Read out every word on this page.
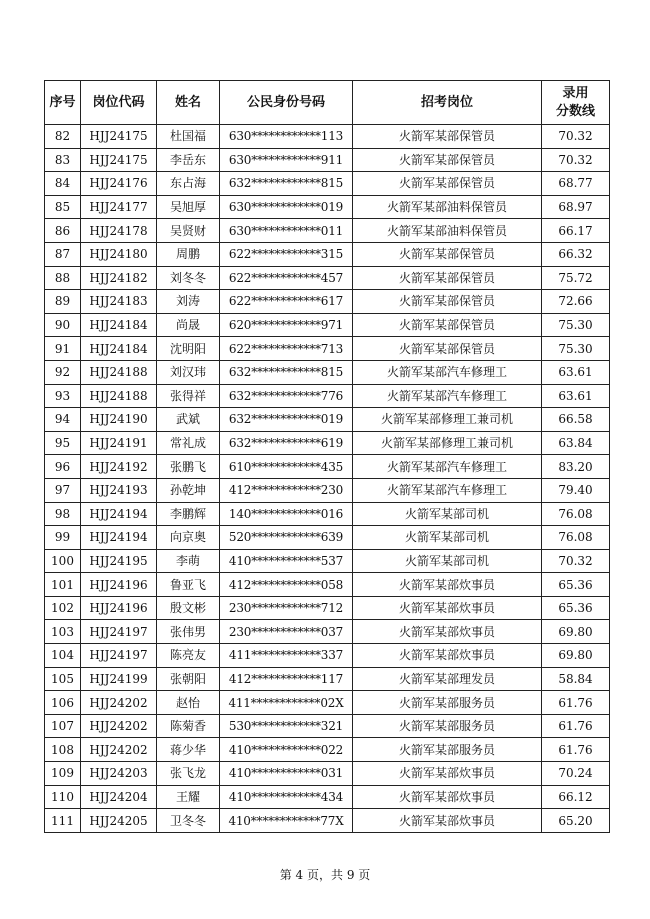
序号	岗位代码	姓名	公民身份号码	招考岗位	录用
分数线

82	HJJ24175	杜国福	630************113	火箭军某部保管员	70.32
83	HJJ24175	李岳东	630************911	火箭军某部保管员	70.32
84	HJJ24176	东占海	632************815	火箭军某部保管员	68.77
85	HJJ24177	吴旭厚	630************019	火箭军某部油料保管员	68.97
86	HJJ24178	吴贤财	630************011	火箭军某部油料保管员	66.17
87	HJJ24180	周鹏	622************315	火箭军某部保管员	66.32
88	HJJ24182	刘冬冬	622************457	火箭军某部保管员	75.72
89	HJJ24183	刘涛	622************617	火箭军某部保管员	72.66
90	HJJ24184	尚晟	620************971	火箭军某部保管员	75.30
91	HJJ24184	沈明阳	622************713	火箭军某部保管员	75.30
92	HJJ24188	刘汉玮	632************815	火箭军某部汽车修理工	63.61
93	HJJ24188	张得祥	632************776	火箭军某部汽车修理工	63.61
94	HJJ24190	武斌	632************019	火箭军某部修理工兼司机	66.58
95	HJJ24191	常礼成	632************619	火箭军某部修理工兼司机	63.84
96	HJJ24192	张鹏飞	610************435	火箭军某部汽车修理工	83.20
97	HJJ24193	孙乾坤	412************230	火箭军某部汽车修理工	79.40
98	HJJ24194	李鹏辉	140************016	火箭军某部司机	76.08
99	HJJ24194	向京奥	520************639	火箭军某部司机	76.08
100	HJJ24195	李萌	410************537	火箭军某部司机	70.32
101	HJJ24196	鲁亚飞	412************058	火箭军某部炊事员	65.36
102	HJJ24196	殷文彬	230************712	火箭军某部炊事员	65.36
103	HJJ24197	张伟男	230************037	火箭军某部炊事员	69.80
104	HJJ24197	陈亮友	411************337	火箭军某部炊事员	69.80
105	HJJ24199	张朝阳	412************117	火箭军某部理发员	58.84
106	HJJ24202	赵怡	411************02X	火箭军某部服务员	61.76
107	HJJ24202	陈菊香	530************321	火箭军某部服务员	61.76
108	HJJ24202	蒋少华	410************022	火箭军某部服务员	61.76
109	HJJ24203	张飞龙	410************031	火箭军某部炊事员	70.24
110	HJJ24204	王耀	410************434	火箭军某部炊事员	66.12
111	HJJ24205	卫冬冬	410************77X	火箭军某部炊事员	65.20
第 4 页，共 9 页
